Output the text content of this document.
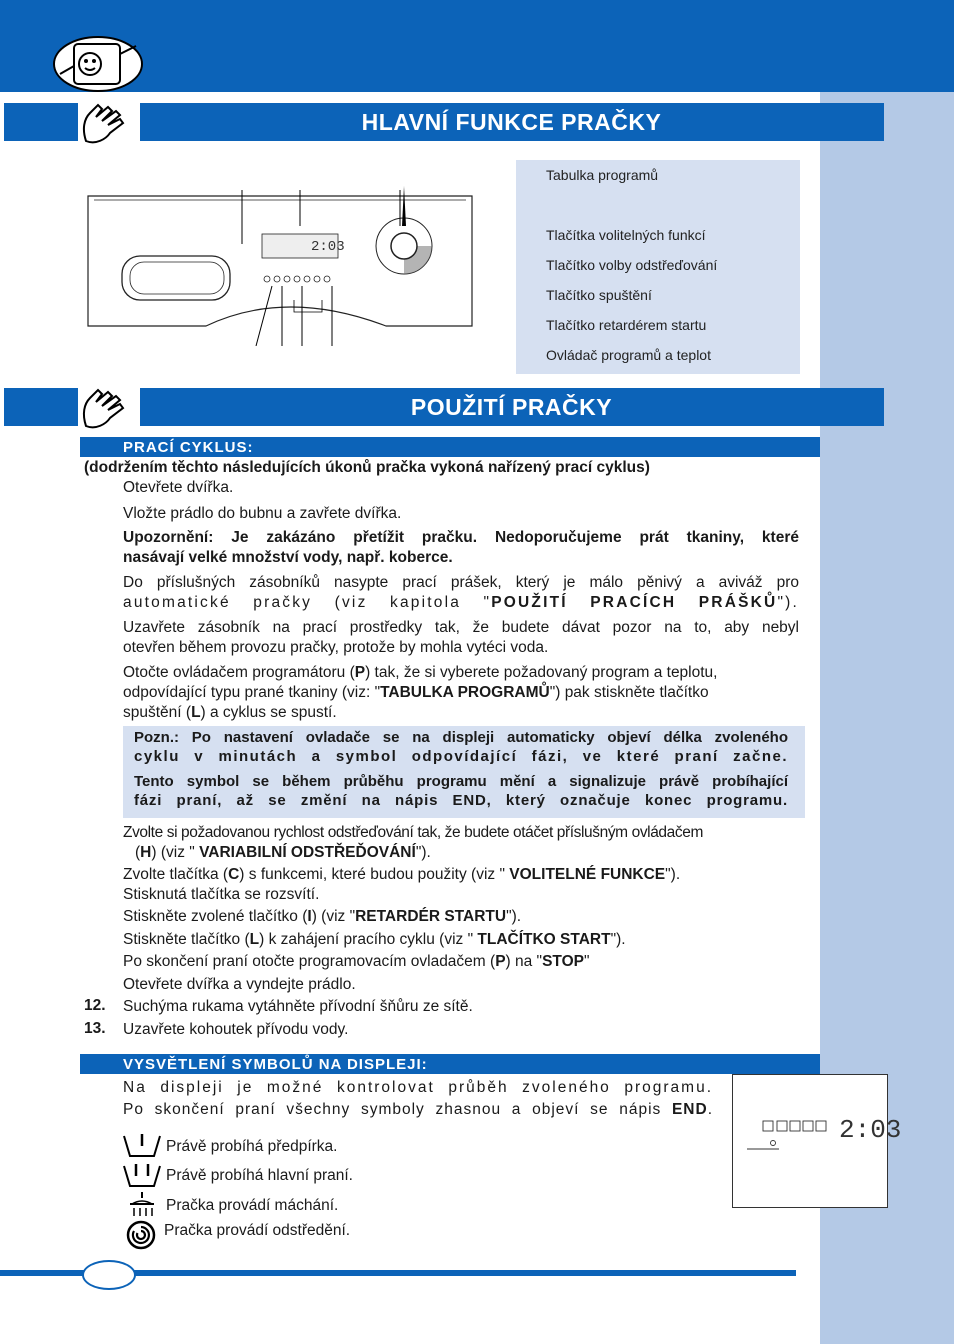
HLAVNÍ FUNKCE PRAČKY
2:03
Tabulka programů
Tlačítka volitelných funkcí
Tlačítko volby odstřeďování
Tlačítko spuštění
Tlačítko retardérem startu
Ovládač programů a teplot
POUŽITÍ PRAČKY
PRACÍ CYKLUS:
(dodržením těchto následujících úkonů pračka vykoná nařízený prací cyklus)
Otevřete dvířka.
Vložte prádlo do bubnu a zavřete dvířka.
Upozornění: Je zakázáno přetížit pračku. Nedoporučujeme prát tkaniny, které
nasávají velké množství vody, např. koberce.
Do příslušných zásobníků nasypte prací prášek, který je málo pěnivý a aviváž pro
automatické pračky (viz kapitola "POUŽITÍ PRACÍCH PRÁŠKŮ").
Uzavřete zásobník na prací prostředky tak, že budete dávat pozor na to, aby nebyl
otevřen během provozu pračky, protože by mohla vytéci voda.
Otočte ovládačem programátoru (P) tak, že si vyberete požadovaný program a teplotu,
odpovídající typu prané tkaniny (viz: "TABULKA PROGRAMŮ") pak stiskněte tlačítko
spuštění (L) a cyklus se spustí.

Pozn.: Po nastavení ovladače se na displeji automaticky objeví délka zvoleného

cyklu v minutách a symbol odpovídající fázi, ve které praní začne.

Tento symbol se během průběhu programu mění a signalizuje právě probíhající

fázi praní, až se změní na nápis END, který označuje konec programu.

Zvolte si požadovanou rychlost odstřeďování tak, že budete otáčet příslušným ovládačem
(H) (viz " VARIABILNÍ ODSTŘEĎOVÁNÍ").
Zvolte tlačítka (C) s funkcemi, které budou použity (viz " VOLITELNÉ FUNKCE").
Stisknutá tlačítka se rozsvítí.
Stiskněte zvolené tlačítko (I) (viz "RETARDÉR STARTU").
Stiskněte tlačítko (L) k zahájení pracího cyklu (viz " TLAČÍTKO START").
Po skončení praní otočte programovacím ovladačem (P) na "STOP"
Otevřete dvířka a vyndejte prádlo.
12. Suchýma rukama vytáhněte přívodní šňůru ze sítě.
13. Uzavřete kohoutek přívodu vody.
VYSVĚTLENÍ SYMBOLŮ NA DISPLEJI:
Na displeji je možné kontrolovat průběh zvoleného programu.
Po skončení praní všechny symboly zhasnou a objeví se nápis END.
Právě probíhá předpírka.
Právě probíhá hlavní praní.
Pračka provádí máchání.
Pračka provádí odstředění.
2:03
